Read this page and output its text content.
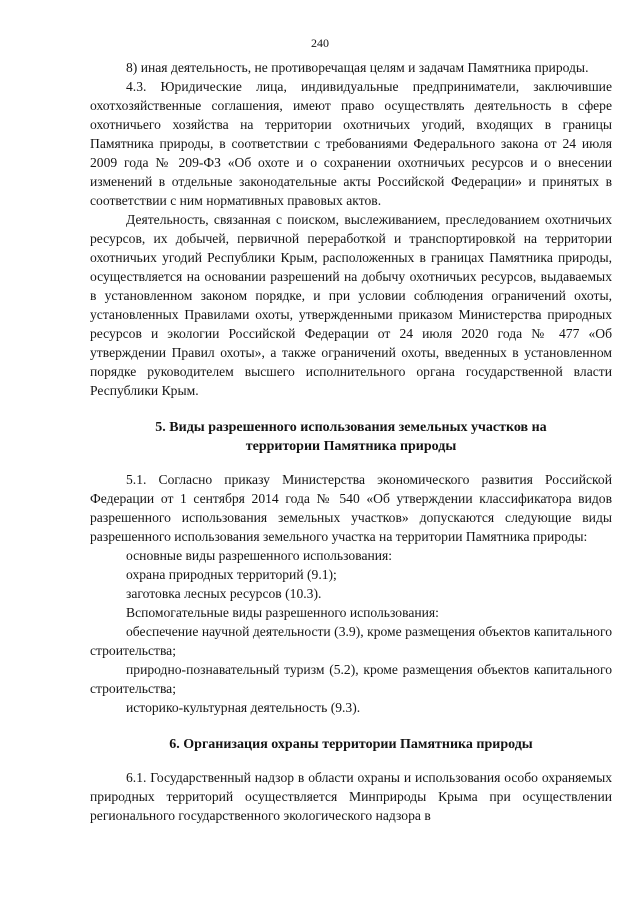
240

8) иная деятельность, не противоречащая целям и задачам Памятника природы.

4.3. Юридические лица, индивидуальные предприниматели, заключившие охотхозяйственные соглашения, имеют право осуществлять деятельность в сфере охотничьего хозяйства на территории охотничьих угодий, входящих в границы Памятника природы, в соответствии с требованиями Федерального закона от 24 июля 2009 года № 209-ФЗ «Об охоте и о сохранении охотничьих ресурсов и о внесении изменений в отдельные законодательные акты Российской Федерации» и принятых в соответствии с ним нормативных правовых актов.

Деятельность, связанная с поиском, выслеживанием, преследованием охотничьих ресурсов, их добычей, первичной переработкой и транспортировкой на территории охотничьих угодий Республики Крым, расположенных в границах Памятника природы, осуществляется на основании разрешений на добычу охотничьих ресурсов, выдаваемых в установленном законом порядке, и при условии соблюдения ограничений охоты, установленных Правилами охоты, утвержденными приказом Министерства природных ресурсов и экологии Российской Федерации от 24 июля 2020 года № 477 «Об утверждении Правил охоты», а также ограничений охоты, введенных в установленном порядке руководителем высшего исполнительного органа государственной власти Республики Крым.

5. Виды разрешенного использования земельных участков на
территории Памятника природы

5.1. Согласно приказу Министерства экономического развития Российской Федерации от 1 сентября 2014 года № 540 «Об утверждении классификатора видов разрешенного использования земельных участков» допускаются следующие виды разрешенного использования земельного участка на территории Памятника природы:

основные виды разрешенного использования:

охрана природных территорий (9.1);

заготовка лесных ресурсов (10.3).

Вспомогательные виды разрешенного использования:

обеспечение научной деятельности (3.9), кроме размещения объектов капитального строительства;

природно-познавательный туризм (5.2), кроме размещения объектов капитального строительства;

историко-культурная деятельность (9.3).

6. Организация охраны территории Памятника природы

6.1. Государственный надзор в области охраны и использования особо охраняемых природных территорий осуществляется Минприроды Крыма при осуществлении регионального государственного экологического надзора в
